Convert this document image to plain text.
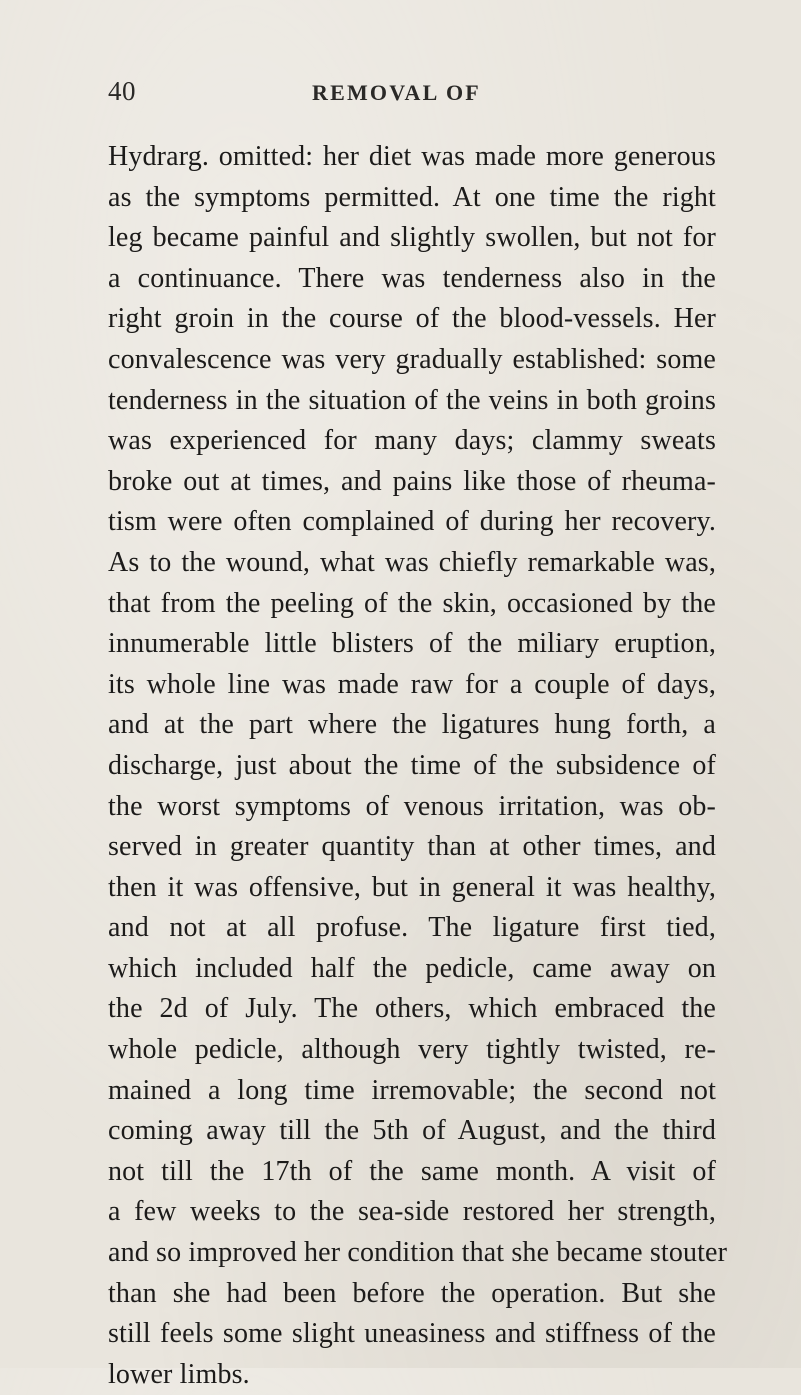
40	REMOVAL OF
Hydrarg. omitted: her diet was made more generous
as the symptoms permitted. At one time the right
leg became painful and slightly swollen, but not for
a continuance. There was tenderness also in the
right groin in the course of the blood-vessels. Her
convalescence was very gradually established: some
tenderness in the situation of the veins in both groins
was experienced for many days; clammy sweats
broke out at times, and pains like those of rheuma-
tism were often complained of during her recovery.
As to the wound, what was chiefly remarkable was,
that from the peeling of the skin, occasioned by the
innumerable little blisters of the miliary eruption,
its whole line was made raw for a couple of days,
and at the part where the ligatures hung forth, a
discharge, just about the time of the subsidence of
the worst symptoms of venous irritation, was ob-
served in greater quantity than at other times, and
then it was offensive, but in general it was healthy,
and not at all profuse. The ligature first tied,
which included half the pedicle, came away on
the 2d of July. The others, which embraced the
whole pedicle, although very tightly twisted, re-
mained a long time irremovable; the second not
coming away till the 5th of August, and the third
not till the 17th of the same month. A visit of
a few weeks to the sea-side restored her strength,
and so improved her condition that she became stouter
than she had been before the operation. But she
still feels some slight uneasiness and stiffness of the
lower limbs.
